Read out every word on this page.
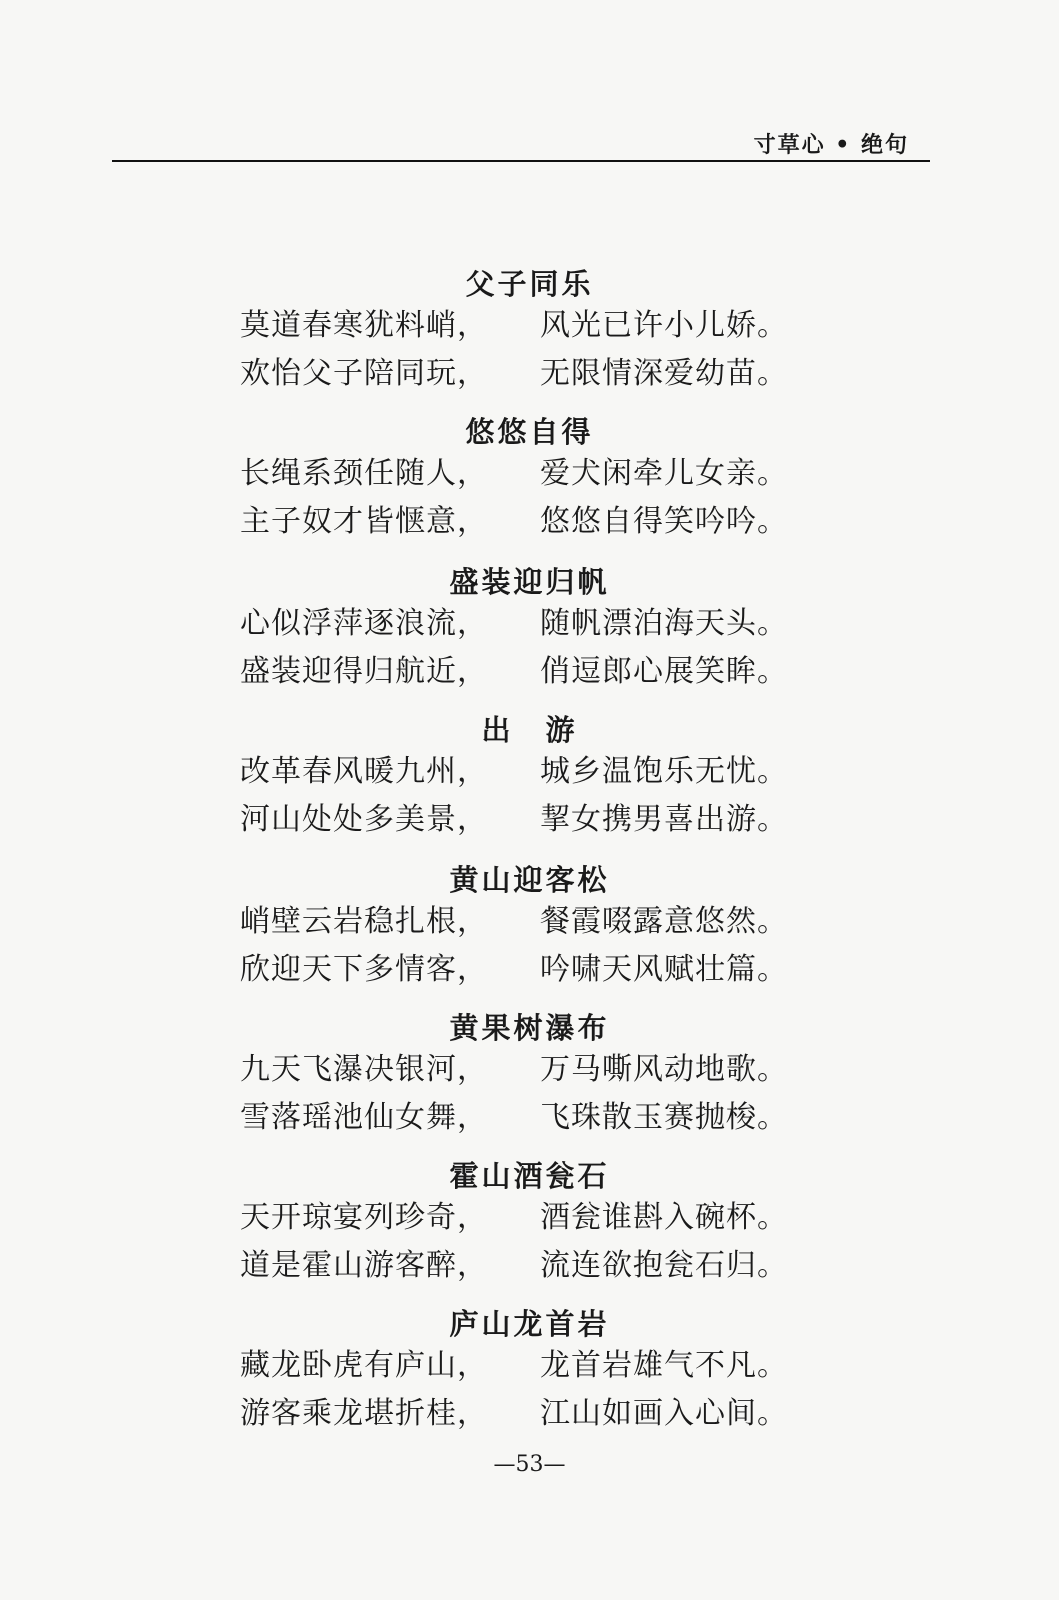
寸草心 • 绝句
父子同乐
莫道春寒犹料峭， 风光已许小儿娇。
欢怡父子陪同玩， 无限情深爱幼苗。
悠悠自得
长绳系颈任随人， 爱犬闲牵儿女亲。
主子奴才皆惬意， 悠悠自得笑吟吟。
盛装迎归帆
心似浮萍逐浪流， 随帆漂泊海天头。
盛装迎得归航近， 俏逗郎心展笑眸。
出　游
改革春风暖九州， 城乡温饱乐无忧。
河山处处多美景， 挈女携男喜出游。
黄山迎客松
峭壁云岩稳扎根， 餐霞啜露意悠然。
欣迎天下多情客， 吟啸天风赋壮篇。
黄果树瀑布
九天飞瀑决银河， 万马嘶风动地歌。
雪落瑶池仙女舞， 飞珠散玉赛抛梭。
霍山酒瓮石
天开琼宴列珍奇， 酒瓮谁斟入碗杯。
道是霍山游客醉， 流连欲抱瓮石归。
庐山龙首岩
藏龙卧虎有庐山， 龙首岩雄气不凡。
游客乘龙堪折桂， 江山如画入心间。
—53—
